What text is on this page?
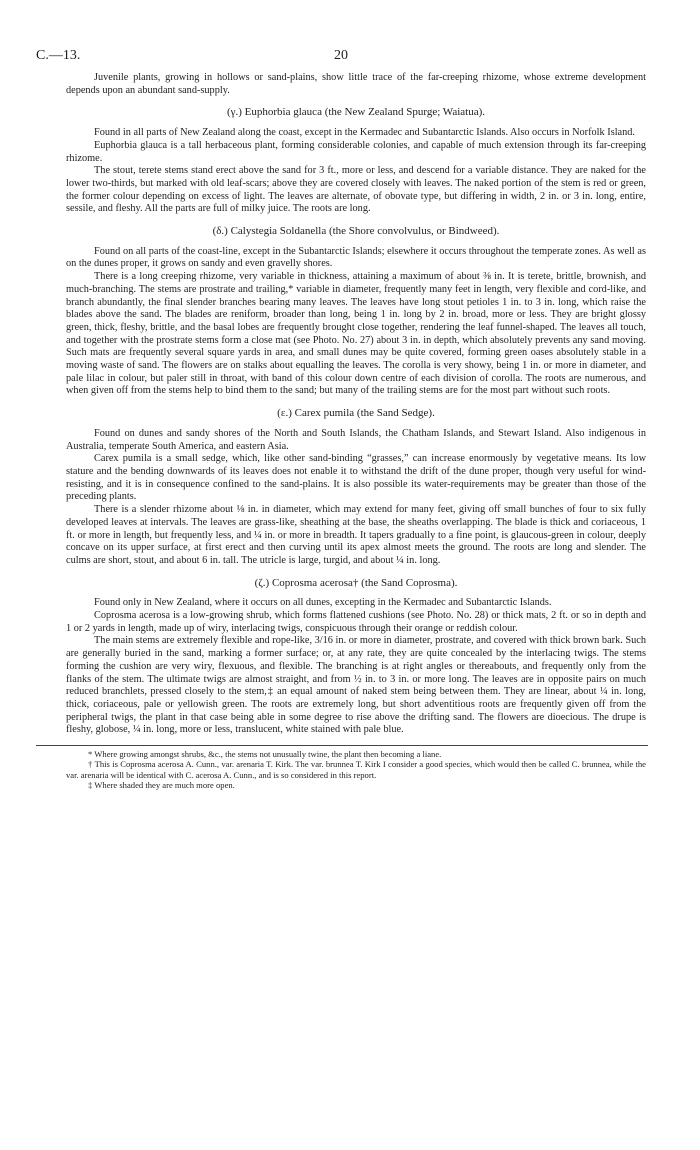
C.—13.	20

Juvenile plants, growing in hollows or sand-plains, show little trace of the far-creeping rhizome, whose extreme development depends upon an abundant sand-supply.

(γ.) Euphorbia glauca (the New Zealand Spurge; Waiatua).

Found in all parts of New Zealand along the coast, except in the Kermadec and Subantarctic Islands. Also occurs in Norfolk Island.

Euphorbia glauca is a tall herbaceous plant, forming considerable colonies, and capable of much extension through its far-creeping rhizome.

The stout, terete stems stand erect above the sand for 3 ft., more or less, and descend for a variable distance. They are naked for the lower two-thirds, but marked with old leaf-scars; above they are covered closely with leaves. The naked portion of the stem is red or green, the former colour depending on excess of light. The leaves are alternate, of obovate type, but differing in width, 2 in. or 3 in. long, entire, sessile, and fleshy. All the parts are full of milky juice. The roots are long.

(δ.) Calystegia Soldanella (the Shore convolvulus, or Bindweed).

Found on all parts of the coast-line, except in the Subantarctic Islands; elsewhere it occurs throughout the temperate zones. As well as on the dunes proper, it grows on sandy and even gravelly shores.

There is a long creeping rhizome, very variable in thickness, attaining a maximum of about ⅜ in. It is terete, brittle, brownish, and much-branching. The stems are prostrate and trailing,* variable in diameter, frequently many feet in length, very flexible and cord-like, and branch abundantly, the final slender branches bearing many leaves. The leaves have long stout petioles 1 in. to 3 in. long, which raise the blades above the sand. The blades are reniform, broader than long, being 1 in. long by 2 in. broad, more or less. They are bright glossy green, thick, fleshy, brittle, and the basal lobes are frequently brought close together, rendering the leaf funnel-shaped. The leaves all touch, and together with the prostrate stems form a close mat (see Photo. No. 27) about 3 in. in depth, which absolutely prevents any sand moving. Such mats are frequently several square yards in area, and small dunes may be quite covered, forming green oases absolutely stable in a moving waste of sand. The flowers are on stalks about equalling the leaves. The corolla is very showy, being 1 in. or more in diameter, and pale lilac in colour, but paler still in throat, with band of this colour down centre of each division of corolla. The roots are numerous, and when given off from the stems help to bind them to the sand; but many of the trailing stems are for the most part without such roots.

(ε.) Carex pumila (the Sand Sedge).

Found on dunes and sandy shores of the North and South Islands, the Chatham Islands, and Stewart Island. Also indigenous in Australia, temperate South America, and eastern Asia.

Carex pumila is a small sedge, which, like other sand-binding “grasses,” can increase enormously by vegetative means. Its low stature and the bending downwards of its leaves does not enable it to withstand the drift of the dune proper, though very useful for wind-resisting, and it is in consequence confined to the sand-plains. It is also possible its water-requirements may be greater than those of the preceding plants.

There is a slender rhizome about ⅛ in. in diameter, which may extend for many feet, giving off small bunches of four to six fully developed leaves at intervals. The leaves are grass-like, sheathing at the base, the sheaths overlapping. The blade is thick and coriaceous, 1 ft. or more in length, but frequently less, and ¼ in. or more in breadth. It tapers gradually to a fine point, is glaucous-green in colour, deeply concave on its upper surface, at first erect and then curving until its apex almost meets the ground. The roots are long and slender. The culms are short, stout, and about 6 in. tall. The utricle is large, turgid, and about ¼ in. long.

(ζ.) Coprosma acerosa† (the Sand Coprosma).

Found only in New Zealand, where it occurs on all dunes, excepting in the Kermadec and Subantarctic Islands.

Coprosma acerosa is a low-growing shrub, which forms flattened cushions (see Photo. No. 28) or thick mats, 2 ft. or so in depth and 1 or 2 yards in length, made up of wiry, interlacing twigs, conspicuous through their orange or reddish colour.

The main stems are extremely flexible and rope-like, 3/16 in. or more in diameter, prostrate, and covered with thick brown bark. Such are generally buried in the sand, marking a former surface; or, at any rate, they are quite concealed by the interlacing twigs. The stems forming the cushion are very wiry, flexuous, and flexible. The branching is at right angles or thereabouts, and frequently only from the flanks of the stem. The ultimate twigs are almost straight, and from ½ in. to 3 in. or more long. The leaves are in opposite pairs on much reduced branchlets, pressed closely to the stem,‡ an equal amount of naked stem being between them. They are linear, about ¼ in. long, thick, coriaceous, pale or yellowish green. The roots are extremely long, but short adventitious roots are frequently given off from the peripheral twigs, the plant in that case being able in some degree to rise above the drifting sand. The flowers are dioecious. The drupe is fleshy, globose, ¼ in. long, more or less, translucent, white stained with pale blue.

* Where growing amongst shrubs, &c., the stems not unusually twine, the plant then becoming a liane.

† This is Coprosma acerosa A. Cunn., var. arenaria T. Kirk. The var. brunnea T. Kirk I consider a good species, which would then be called C. brunnea, while the var. arenaria will be identical with C. acerosa A. Cunn., and is so considered in this report.

‡ Where shaded they are much more open.
